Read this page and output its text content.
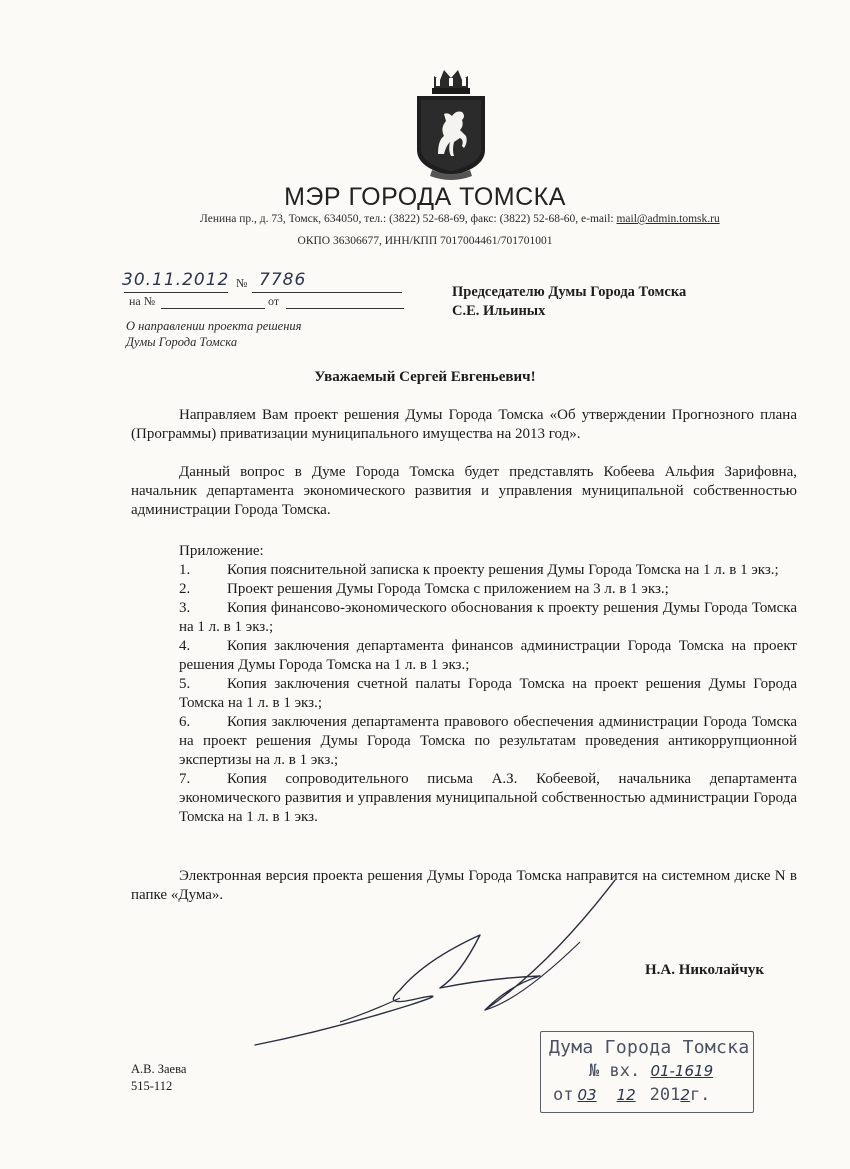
МЭР ГОРОДА ТОМСКА
Ленина пр., д. 73, Томск, 634050, тел.: (3822) 52-68-69, факс: (3822) 52-68-60, e-mail: mail@admin.tomsk.ru
ОКПО 36306677, ИНН/КПП 7017004461/701701001
30.11.2012 № 7786
на №	от
О направлении проекта решения
Думы Города Томска
Председателю Думы Города Томска
С.Е. Ильиных
Уважаемый Сергей Евгеньевич!
Направляем Вам проект решения Думы Города Томска «Об утверждении Прогнозного плана (Программы) приватизации муниципального имущества на 2013 год».
Данный вопрос в Думе Города Томска будет представлять Кобеева Альфия Зарифовна, начальник департамента экономического развития и управления муниципальной собственностью администрации Города Томска.
Приложение:
1. Копия пояснительной записка к проекту решения Думы Города Томска на 1 л. в 1 экз.;
2. Проект решения Думы Города Томска с приложением на 3 л. в 1 экз.;
3. Копия финансово-экономического обоснования к проекту решения Думы Города Томска на 1 л. в 1 экз.;
4. Копия заключения департамента финансов администрации Города Томска на проект решения Думы Города Томска на 1 л. в 1 экз.;
5. Копия заключения счетной палаты Города Томска на проект решения Думы Города Томска на 1 л. в 1 экз.;
6. Копия заключения департамента правового обеспечения администрации Города Томска на проект решения Думы Города Томска по результатам проведения антикоррупционной экспертизы на л. в 1 экз.;
7. Копия сопроводительного письма А.З. Кобеевой, начальника департамента экономического развития и управления муниципальной собственностью администрации Города Томска на 1 л. в 1 экз.
Электронная версия проекта решения Думы Города Томска направится на системном диске N в папке «Дума».
Н.А. Николайчук
А.В. Заева
515-112
Дума Города Томска
№ вх. 01-1619
от 03 12 2012г.
